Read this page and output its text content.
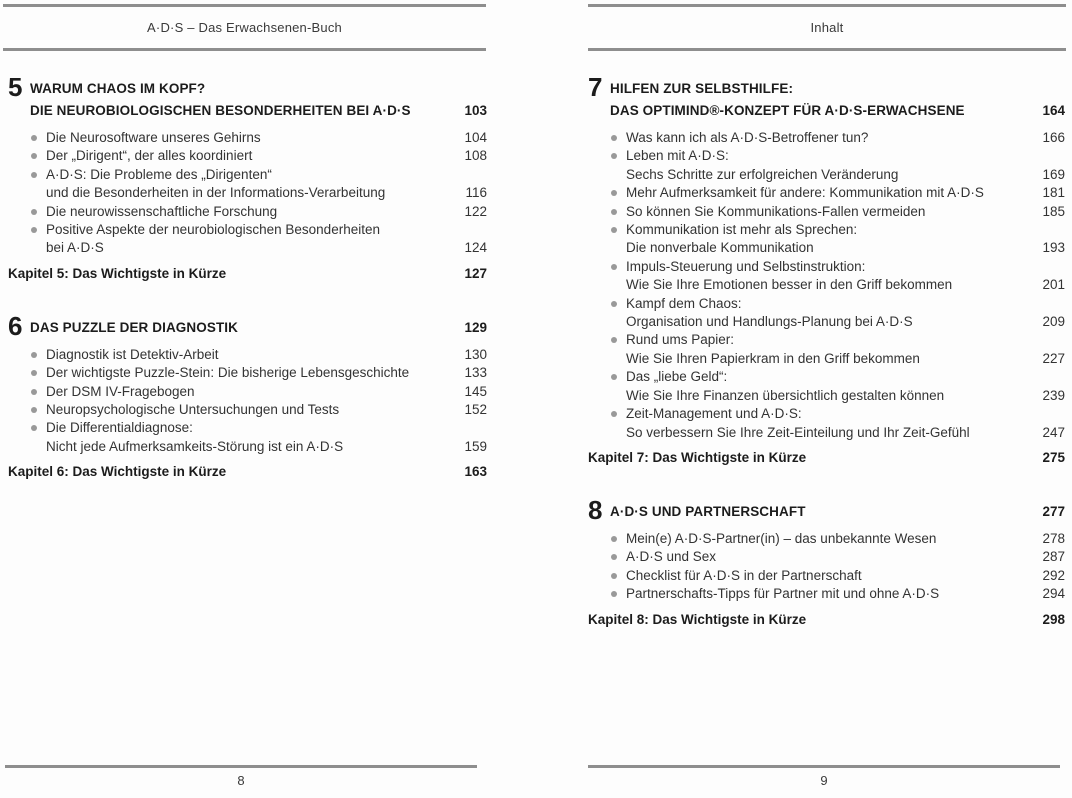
A·D·S – Das Erwachsenen-Buch
5 WARUM CHAOS IM KOPF?
DIE NEUROBIOLOGISCHEN BESONDERHEITEN BEI A·D·S	103
Die Neurosoftware unseres Gehirns	104
Der „Dirigent“, der alles koordiniert	108
A·D·S: Die Probleme des „Dirigenten“
und die Besonderheiten in der Informations-Verarbeitung	116
Die neurowissenschaftliche Forschung	122
Positive Aspekte der neurobiologischen Besonderheiten
bei A·D·S	124
Kapitel 5: Das Wichtigste in Kürze	127
6 DAS PUZZLE DER DIAGNOSTIK	129
Diagnostik ist Detektiv-Arbeit	130
Der wichtigste Puzzle-Stein: Die bisherige Lebensgeschichte	133
Der DSM IV-Fragebogen	145
Neuropsychologische Untersuchungen und Tests	152
Die Differentialdiagnose:
Nicht jede Aufmerksamkeits-Störung ist ein A·D·S	159
Kapitel 6: Das Wichtigste in Kürze	163
8
Inhalt
7 HILFEN ZUR SELBSTHILFE:
DAS OPTIMIND®-KONZEPT FÜR A·D·S-ERWACHSENE	164
Was kann ich als A·D·S-Betroffener tun?	166
Leben mit A·D·S:
Sechs Schritte zur erfolgreichen Veränderung	169
Mehr Aufmerksamkeit für andere: Kommunikation mit A·D·S	181
So können Sie Kommunikations-Fallen vermeiden	185
Kommunikation ist mehr als Sprechen:
Die nonverbale Kommunikation	193
Impuls-Steuerung und Selbstinstruktion:
Wie Sie Ihre Emotionen besser in den Griff bekommen	201
Kampf dem Chaos:
Organisation und Handlungs-Planung bei A·D·S	209
Rund ums Papier:
Wie Sie Ihren Papierkram in den Griff bekommen	227
Das „liebe Geld“:
Wie Sie Ihre Finanzen übersichtlich gestalten können	239
Zeit-Management und A·D·S:
So verbessern Sie Ihre Zeit-Einteilung und Ihr Zeit-Gefühl	247
Kapitel 7: Das Wichtigste in Kürze	275
8 A·D·S UND PARTNERSCHAFT	277
Mein(e) A·D·S-Partner(in) – das unbekannte Wesen	278
A·D·S und Sex	287
Checklist für A·D·S in der Partnerschaft	292
Partnerschafts-Tipps für Partner mit und ohne A·D·S	294
Kapitel 8: Das Wichtigste in Kürze	298
9
